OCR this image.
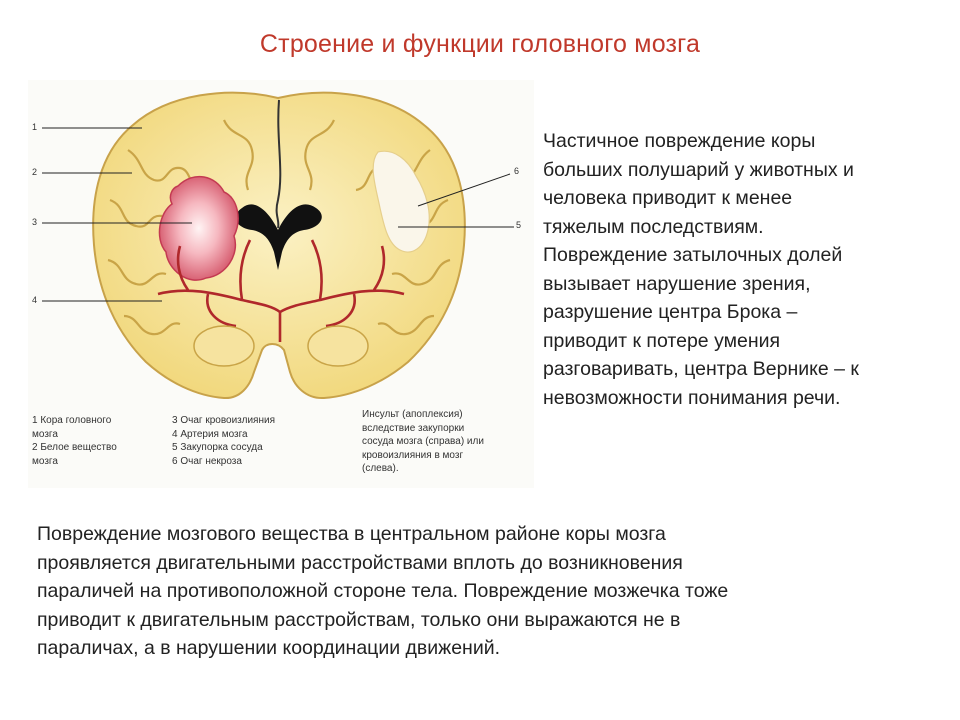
Строение и функции головного мозга
1
2
3
4
5
6
1 Кора головного
мозга
2 Белое вещество
мозга
3 Очаг кровоизлияния
4 Артерия мозга
5 Закупорка сосуда
6 Очаг некроза
Инсульт (апоплексия)
вследствие закупорки
сосуда мозга (справа) или
кровоизлияния в мозг
(слева).
Частичное повреждение коры
больших полушарий у животных и
человека приводит к менее
тяжелым последствиям.
Повреждение затылочных долей
вызывает нарушение зрения,
разрушение центра Брока –
приводит к потере умения
разговаривать, центра Вернике – к
невозможности понимания речи.
Повреждение мозгового вещества в центральном районе коры мозга
проявляется двигательными расстройствами вплоть до возникновения
параличей на противоположной стороне тела. Повреждение мозжечка тоже
приводит к двигательным расстройствам, только они выражаются не в
параличах, а в нарушении координации движений.
